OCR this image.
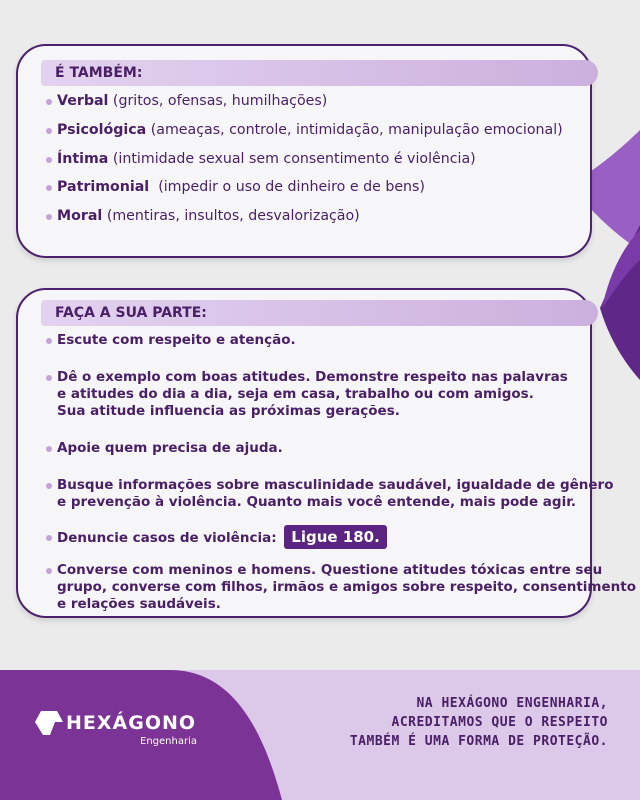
É TAMBÉM:
Verbal (gritos, ofensas, humilhações)
Psicológica (ameaças, controle, intimidação, manipulação emocional)
Íntima (intimidade sexual sem consentimento é violência)
Patrimonial  (impedir o uso de dinheiro e de bens)
Moral (mentiras, insultos, desvalorização)
FAÇA A SUA PARTE:
Escute com respeito e atenção.
Dê o exemplo com boas atitudes. Demonstre respeito nas palavras
e atitudes do dia a dia, seja em casa, trabalho ou com amigos.
Sua atitude influencia as próximas gerações.
Apoie quem precisa de ajuda.
Busque informações sobre masculinidade saudável, igualdade de gênero
e prevenção à violência. Quanto mais você entende, mais pode agir.
Denuncie casos de violência: Ligue 180.
Converse com meninos e homens. Questione atitudes tóxicas entre seu
grupo, converse com filhos, irmãos e amigos sobre respeito, consentimento
e relações saudáveis.
HEXÁGONO
Engenharia
NA HEXÁGONO ENGENHARIA,
ACREDITAMOS QUE O RESPEITO
TAMBÉM É UMA FORMA DE PROTEÇÃO.
